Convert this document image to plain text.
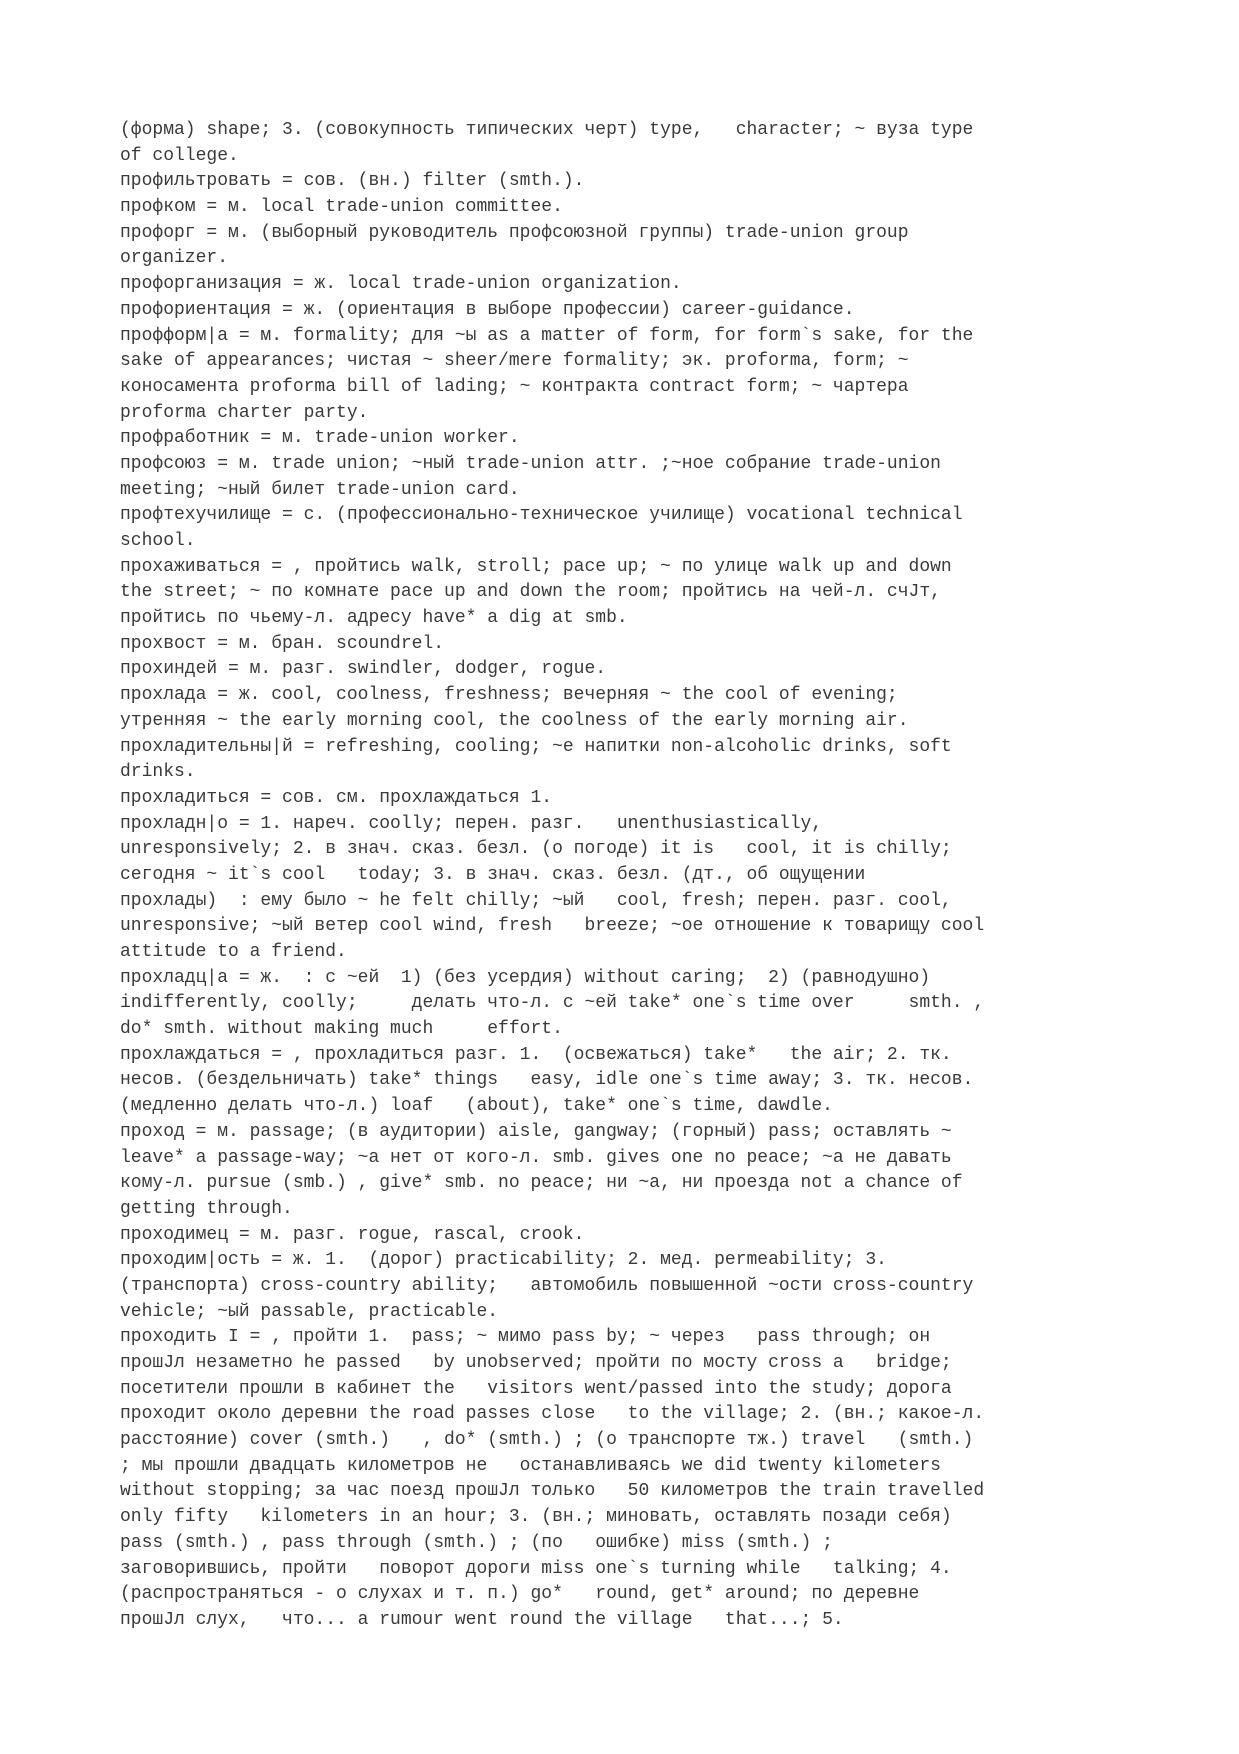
(форма) shape; 3. (совокупность типических черт) type,   character; ~ вуза type
of college.
профильтровать = сов. (вн.) filter (smth.).
профком = м. local trade-union committee.
профорг = м. (выборный руководитель профсоюзной группы) trade-union group
organizer.
профорганизация = ж. local trade-union organization.
профориентация = ж. (ориентация в выборе профессии) career-guidance.
профформ|а = м. formality; для ~ы as a matter of form, for form`s sake, for the
sake of appearances; чистая ~ sheer/mere formality; эк. proforma, form; ~
коносамента proforma bill of lading; ~ контракта contract form; ~ чартера
proforma charter party.
профработник = м. trade-union worker.
профсоюз = м. trade union; ~ный trade-union attr. ;~ное собрание trade-union
meeting; ~ный билет trade-union card.
профтехучилище = с. (профессионально-техническое училище) vocational technical
school.
прохаживаться = , пройтись walk, stroll; pace up; ~ по улице walk up and down
the street; ~ по комнате pace up and down the room; пройтись на чей-л. счJт,
пройтись по чьему-л. адресу have* a dig at smb.
прохвост = м. бран. scoundrel.
прохиндей = м. разг. swindler, dodger, rogue.
прохлада = ж. cool, coolness, freshness; вечерняя ~ the cool of evening;
утренняя ~ the early morning cool, the coolness of the early morning air.
прохладительны|й = refreshing, cooling; ~е напитки non-alcoholic drinks, soft
drinks.
прохладиться = сов. см. прохлаждаться 1.
прохладн|о = 1. нареч. coolly; перен. разг.   unenthusiastically,
unresponsively; 2. в знач. сказ. безл. (о погоде) it is   cool, it is chilly;
сегодня ~ it`s cool   today; 3. в знач. сказ. безл. (дт., об ощущении
прохлады)  : ему было ~ he felt chilly; ~ый   cool, fresh; перен. разг. cool,
unresponsive; ~ый ветер cool wind, fresh   breeze; ~ое отношение к товарищу cool
attitude to a friend.
прохладц|а = ж.  : с ~ей  1) (без усердия) without caring;  2) (равнодушно)
indifferently, coolly;     делать что-л. с ~ей take* one`s time over     smth. ,
do* smth. without making much     effort.
прохлаждаться = , прохладиться разг. 1.  (освежаться) take*   the air; 2. тк.
несов. (бездельничать) take* things   easy, idle one`s time away; 3. тк. несов.
(медленно делать что-л.) loaf   (about), take* one`s time, dawdle.
проход = м. passage; (в аудитории) aisle, gangway; (горный) pass; оставлять ~
leave* a passage-way; ~а нет от кого-л. smb. gives one no peace; ~а не давать
кому-л. pursue (smb.) , give* smb. no peace; ни ~а, ни проезда not a chance of
getting through.
проходимец = м. разг. rogue, rascal, crook.
проходим|ость = ж. 1.  (дорог) practicability; 2. мед. permeability; 3.
(транспорта) cross-country ability;   автомобиль повышенной ~ости cross-country
vehicle; ~ый passable, practicable.
проходить I = , пройти 1.  pass; ~ мимо pass by; ~ через   pass through; он
прошJл незаметно he passed   by unobserved; пройти по мосту cross a   bridge;
посетители прошли в кабинет the   visitors went/passed into the study; дорога
проходит около деревни the road passes close   to the village; 2. (вн.; какое-л.
расстояние) cover (smth.)   , do* (smth.) ; (о транспорте тж.) travel   (smth.)
; мы прошли двадцать километров не   останавливаясь we did twenty kilometers
without stopping; за час поезд прошJл только   50 километров the train travelled
only fifty   kilometers in an hour; 3. (вн.; миновать, оставлять позади себя)
pass (smth.) , pass through (smth.) ; (по   ошибке) miss (smth.) ;
заговорившись, пройти   поворот дороги miss one`s turning while   talking; 4.
(распространяться - о слухах и т. п.) go*   round, get* around; по деревне
прошJл слух,   что... a rumour went round the village   that...; 5.
